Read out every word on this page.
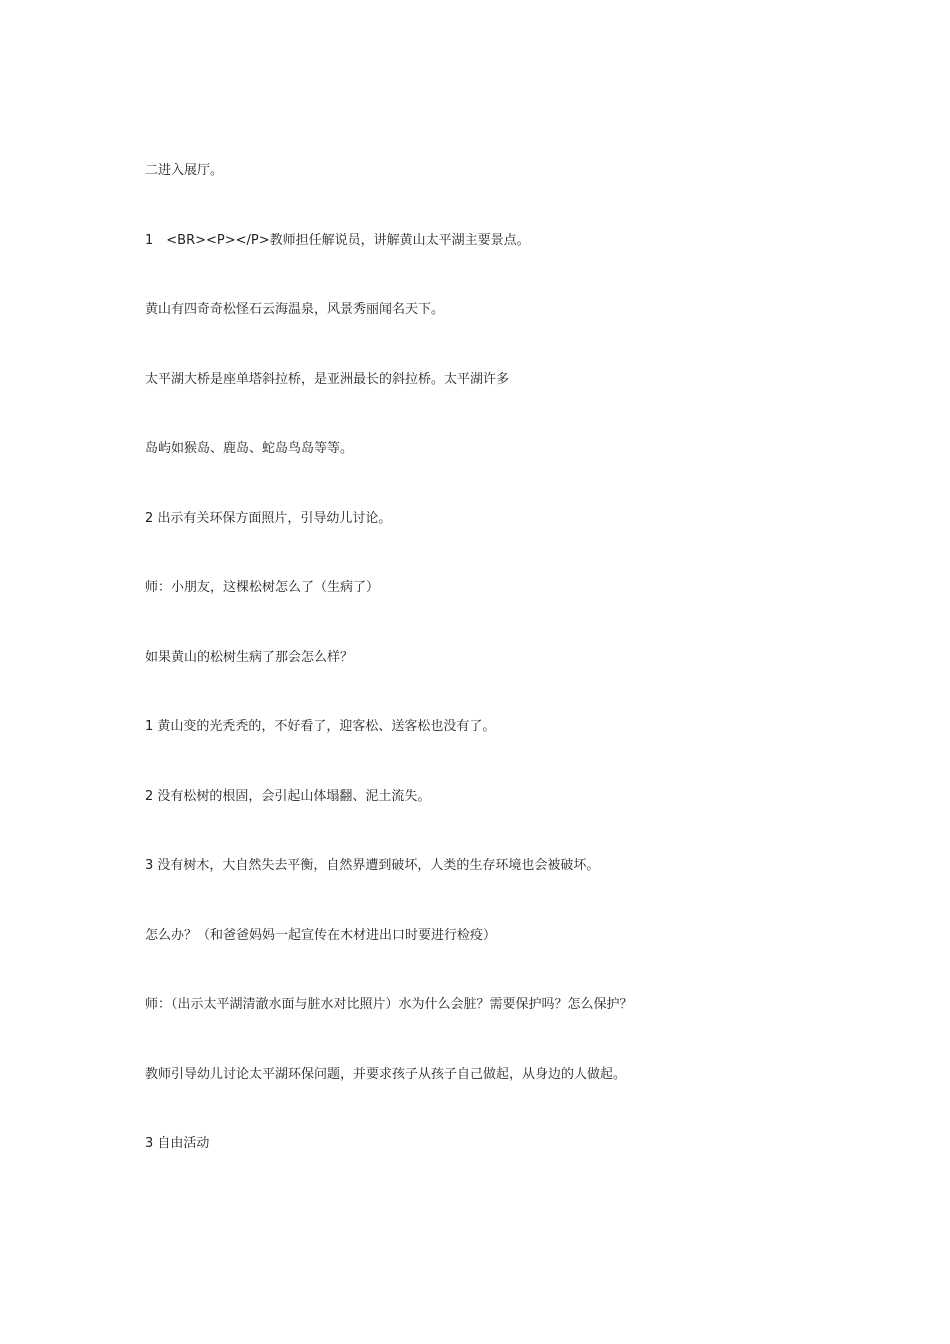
二进入展厅。

1　<BR><P></P>教师担任解说员，讲解黄山太平湖主要景点。

黄山有四奇奇松怪石云海温泉，风景秀丽闻名天下。

太平湖大桥是座单塔斜拉桥，是亚洲最长的斜拉桥。太平湖许多

岛屿如猴岛、鹿岛、蛇岛鸟岛等等。

2 出示有关环保方面照片，引导幼儿讨论。

师：小朋友，这棵松树怎么了（生病了）

如果黄山的松树生病了那会怎么样？

1 黄山变的光秃秃的，不好看了，迎客松、送客松也没有了。

2 没有松树的根固，会引起山体塌翻、泥土流失。

3 没有树木，大自然失去平衡，自然界遭到破坏，人类的生存环境也会被破坏。

怎么办？（和爸爸妈妈一起宣传在木材进出口时要进行检疫）

师：（出示太平湖清澈水面与脏水对比照片）水为什么会脏？需要保护吗？怎么保护？

教师引导幼儿讨论太平湖环保问题，并要求孩子从孩子自己做起，从身边的人做起。

3 自由活动
